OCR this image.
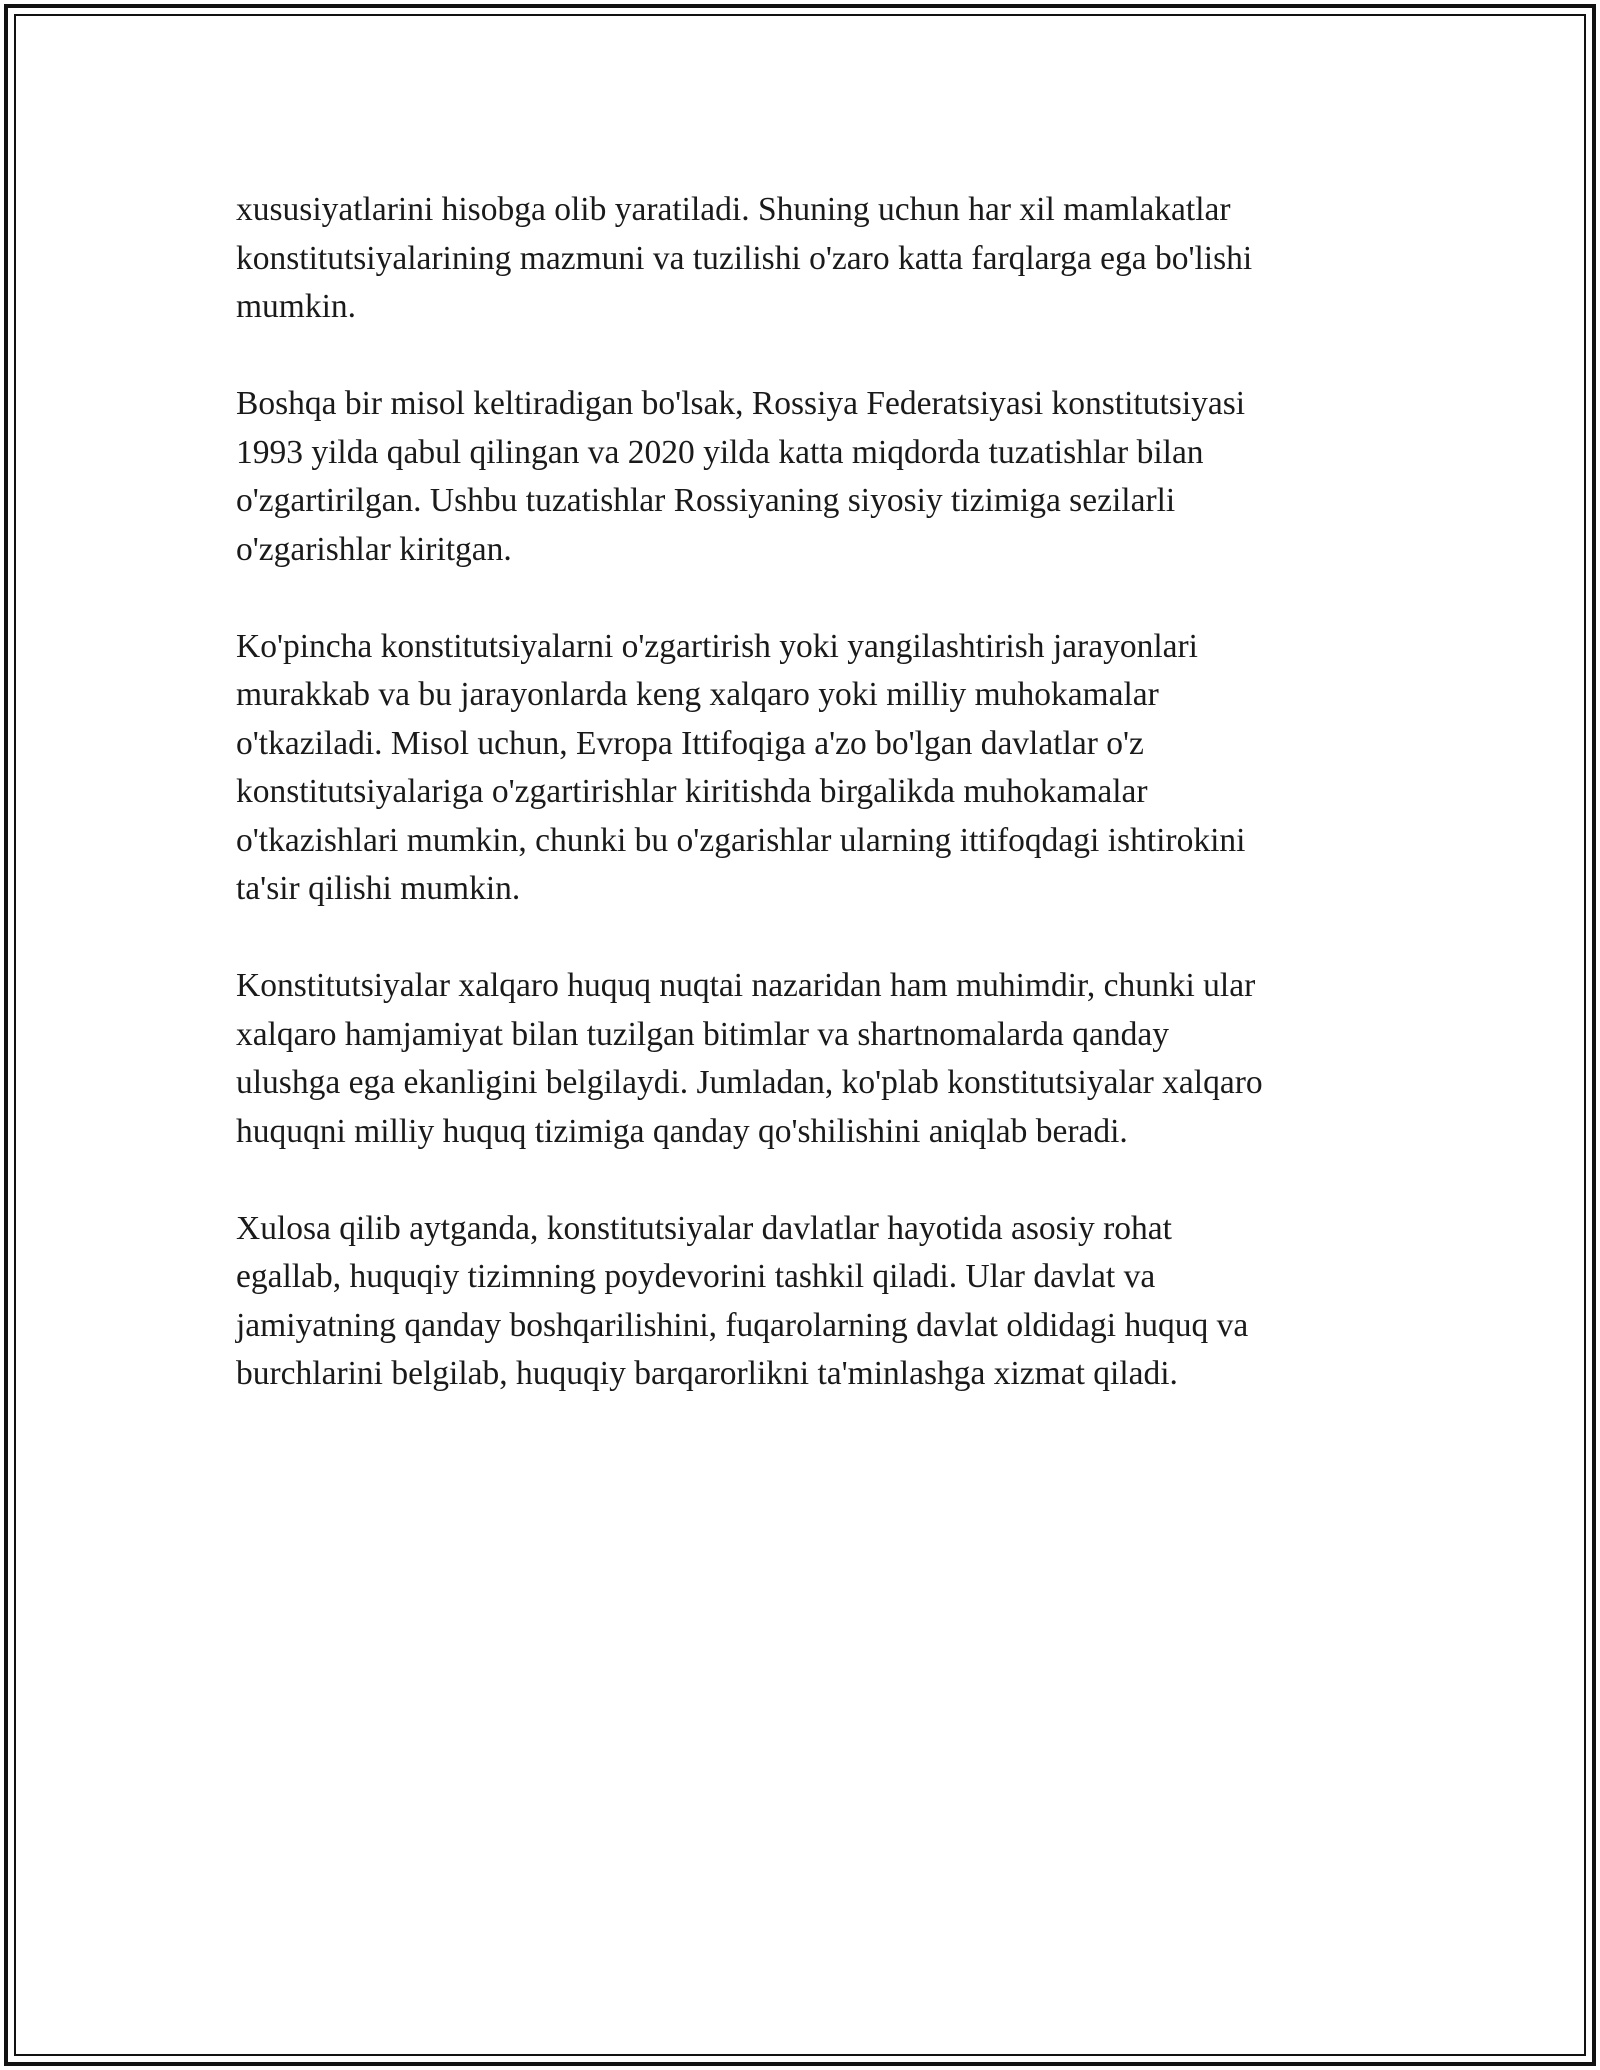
xususiyatlarini hisobga olib yaratiladi. Shuning uchun har xil mamlakatlar
konstitutsiyalarining mazmuni va tuzilishi o'zaro katta farqlarga ega bo'lishi
mumkin.

Boshqa bir misol keltiradigan bo'lsak, Rossiya Federatsiyasi konstitutsiyasi
1993 yilda qabul qilingan va 2020 yilda katta miqdorda tuzatishlar bilan
o'zgartirilgan. Ushbu tuzatishlar Rossiyaning siyosiy tizimiga sezilarli
o'zgarishlar kiritgan.

Ko'pincha konstitutsiyalarni o'zgartirish yoki yangilashtirish jarayonlari
murakkab va bu jarayonlarda keng xalqaro yoki milliy muhokamalar
o'tkaziladi. Misol uchun, Evropa Ittifoqiga a'zo bo'lgan davlatlar o'z
konstitutsiyalariga o'zgartirishlar kiritishda birgalikda muhokamalar
o'tkazishlari mumkin, chunki bu o'zgarishlar ularning ittifoqdagi ishtirokini
ta'sir qilishi mumkin.

Konstitutsiyalar xalqaro huquq nuqtai nazaridan ham muhimdir, chunki ular
xalqaro hamjamiyat bilan tuzilgan bitimlar va shartnomalarda qanday
ulushga ega ekanligini belgilaydi. Jumladan, ko'plab konstitutsiyalar xalqaro
huquqni milliy huquq tizimiga qanday qo'shilishini aniqlab beradi.

Xulosa qilib aytganda, konstitutsiyalar davlatlar hayotida asosiy rohat
egallab, huquqiy tizimning poydevorini tashkil qiladi. Ular davlat va
jamiyatning qanday boshqarilishini, fuqarolarning davlat oldidagi huquq va
burchlarini belgilab, huquqiy barqarorlikni ta'minlashga xizmat qiladi.
